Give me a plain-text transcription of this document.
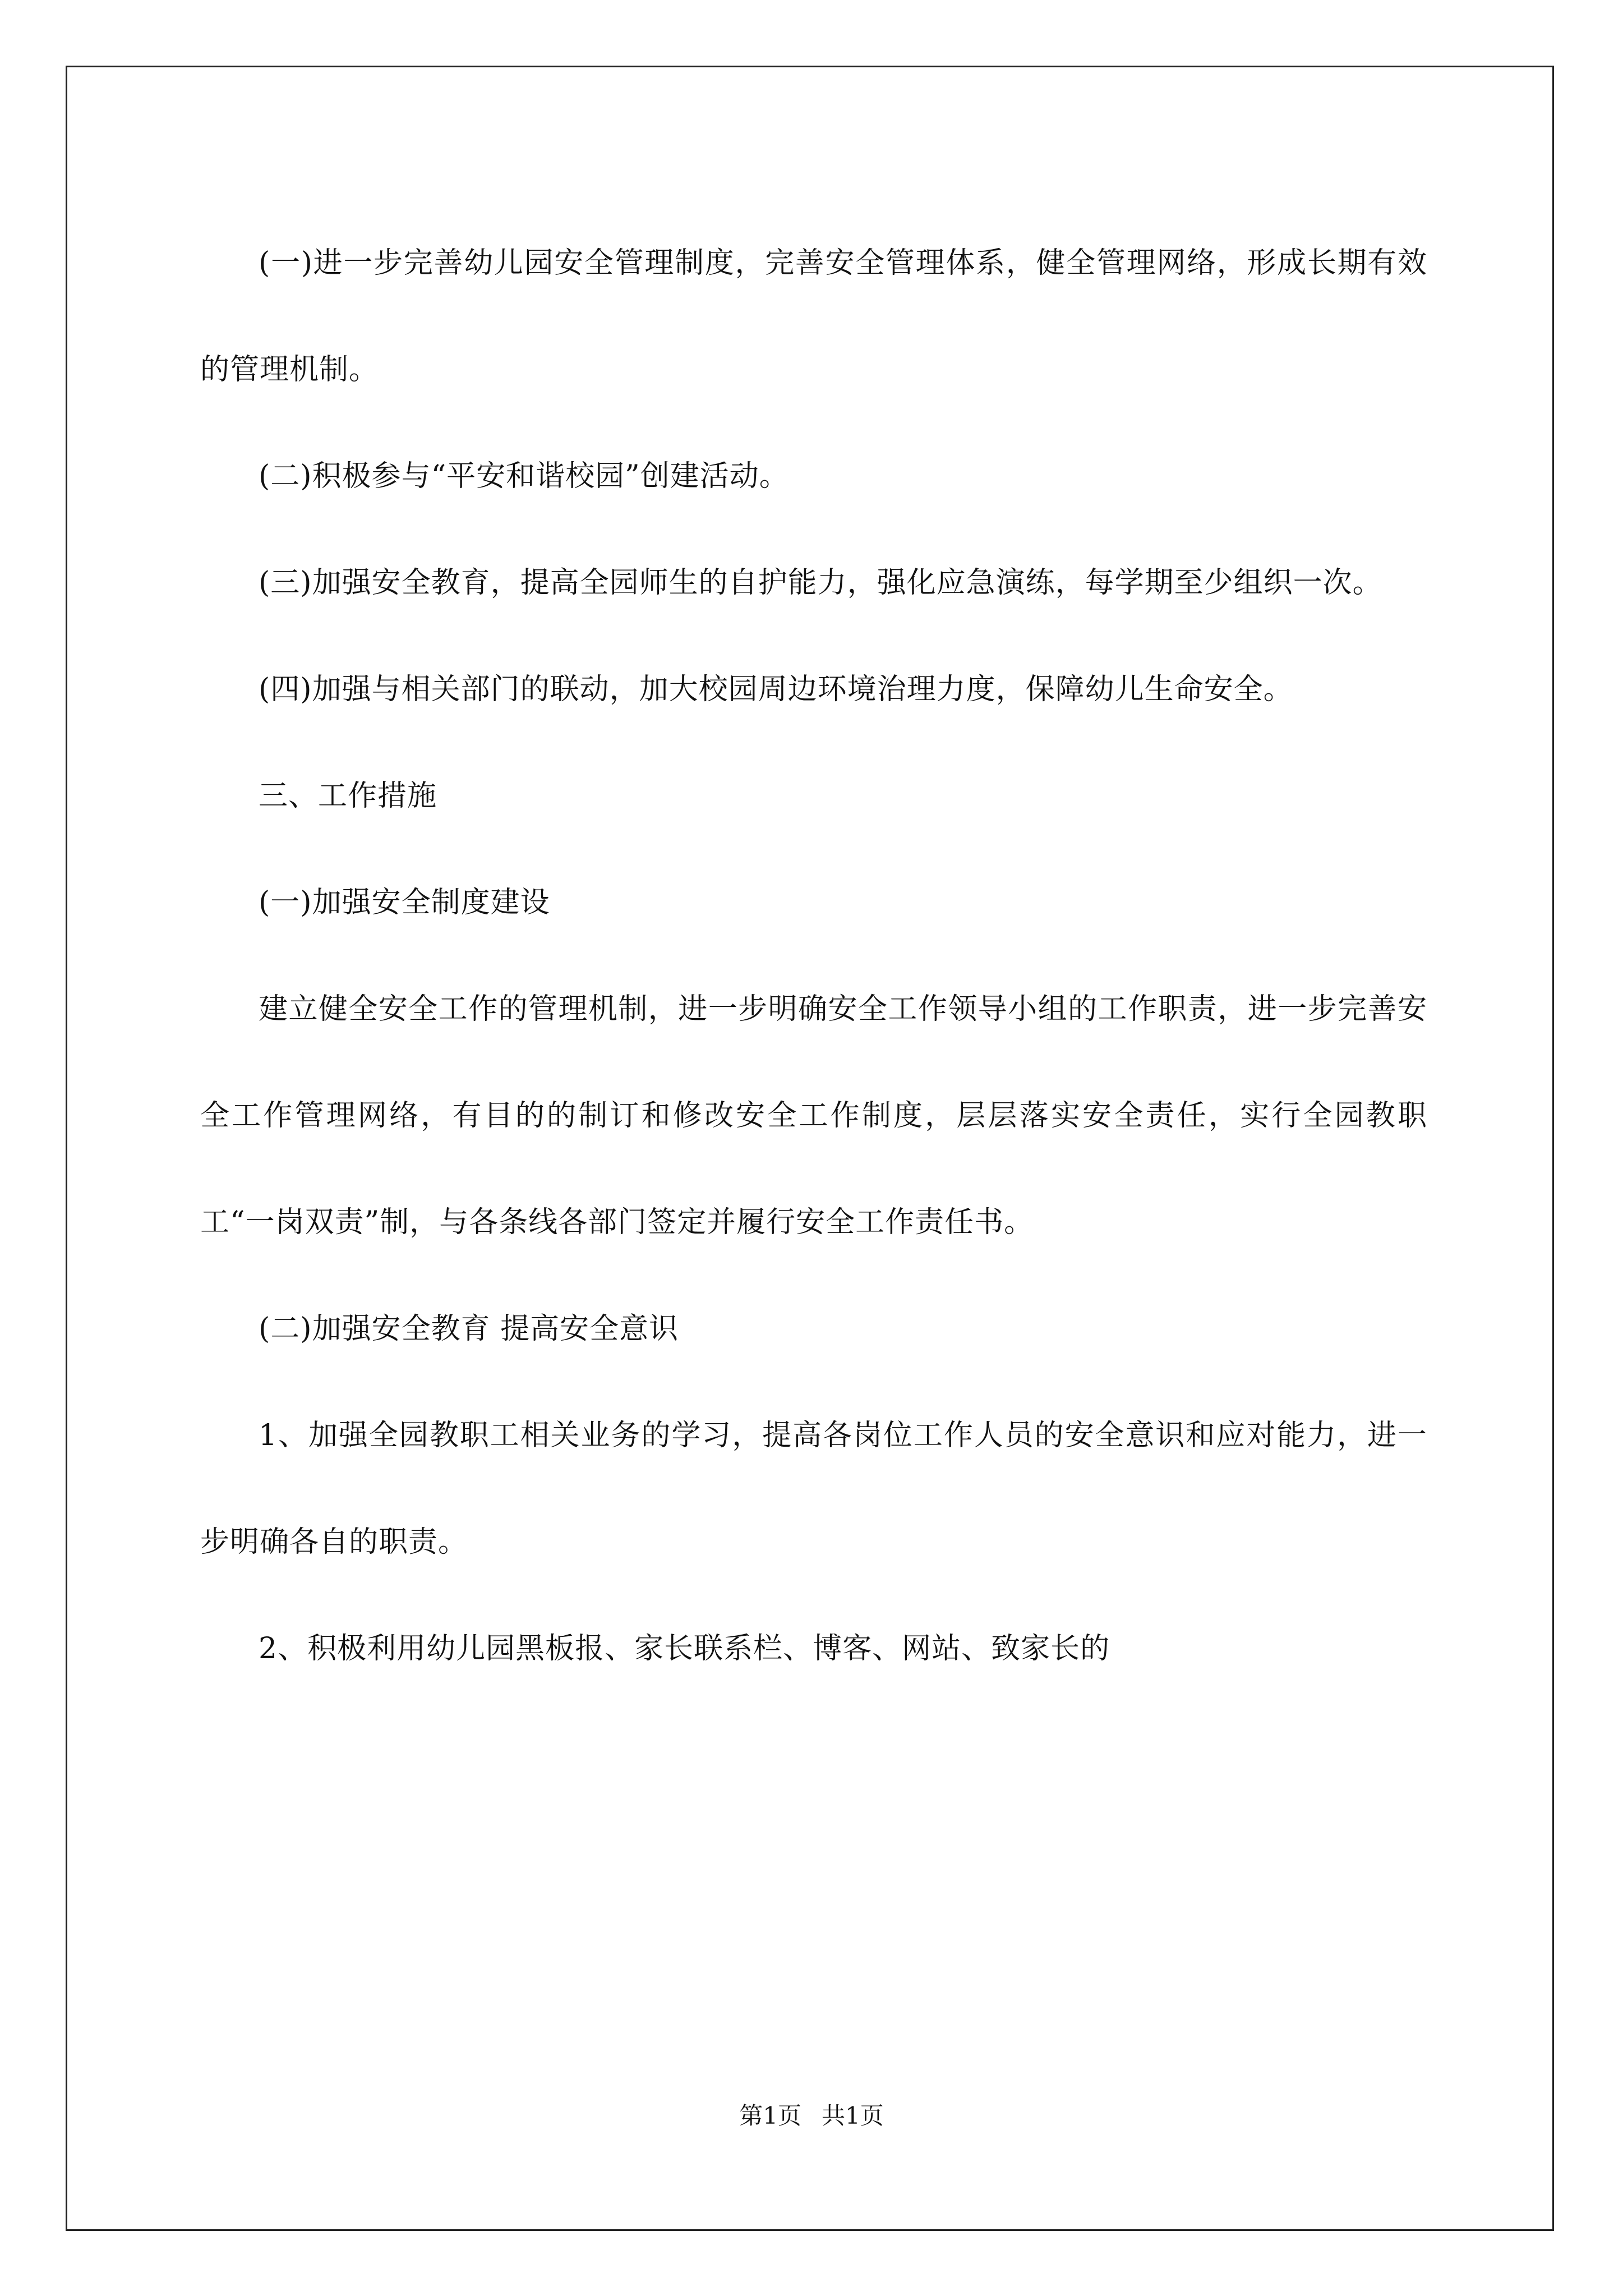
(一)进一步完善幼儿园安全管理制度，完善安全管理体系，健全管理网络，形成长期有效的管理机制。

(二)积极参与“平安和谐校园”创建活动。

(三)加强安全教育，提高全园师生的自护能力，强化应急演练，每学期至少组织一次。

(四)加强与相关部门的联动，加大校园周边环境治理力度，保障幼儿生命安全。

三、工作措施

(一)加强安全制度建设

建立健全安全工作的管理机制，进一步明确安全工作领导小组的工作职责，进一步完善安全工作管理网络，有目的的制订和修改安全工作制度，层层落实安全责任，实行全园教职工“一岗双责”制，与各条线各部门签定并履行安全工作责任书。

(二)加强安全教育 提高安全意识

1、加强全园教职工相关业务的学习，提高各岗位工作人员的安全意识和应对能力，进一步明确各自的职责。

2、积极利用幼儿园黑板报、家长联系栏、博客、网站、致家长的

第1页 共1页
